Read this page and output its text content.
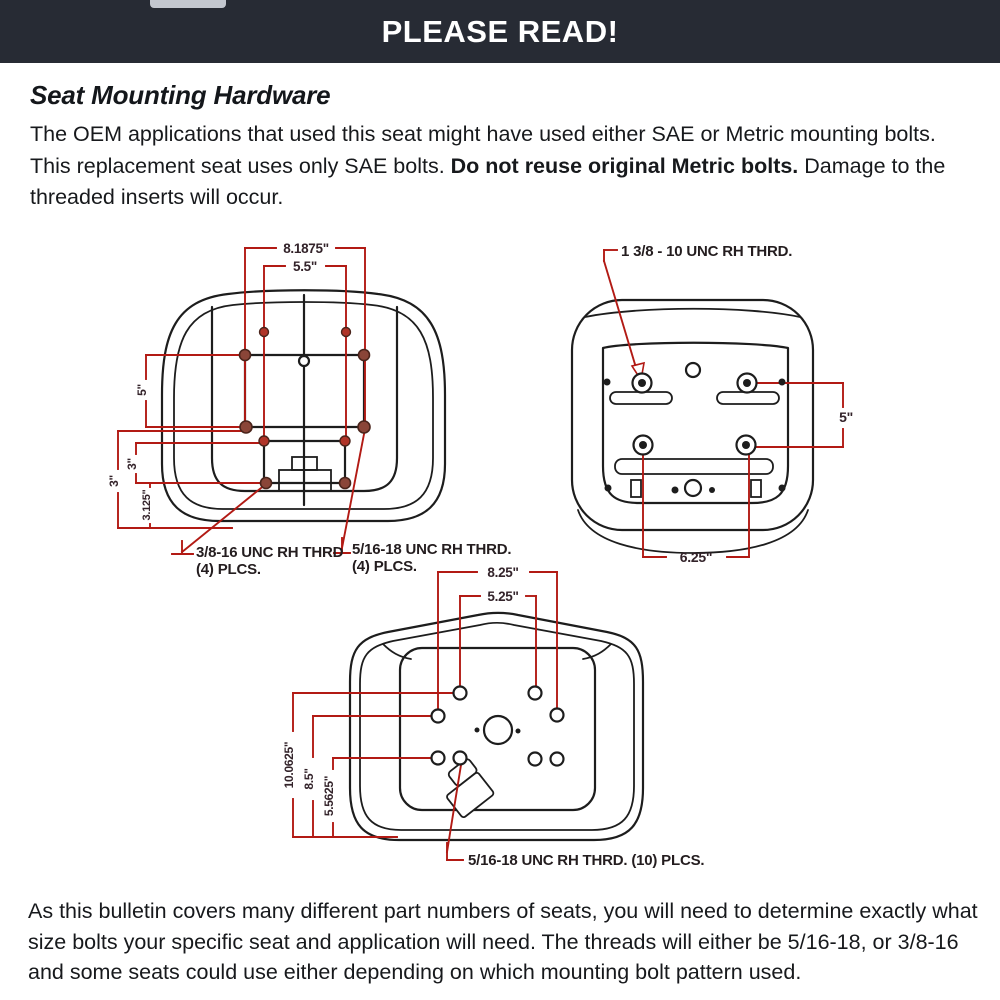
PLEASE READ!
Seat Mounting Hardware

The OEM applications that used this seat might have used either SAE or Metric mounting bolts. This replacement seat uses only SAE bolts. Do not reuse original Metric bolts. Damage to the threaded inserts will occur.

8.1875"
5.5"
5"
3"
3"
3.125"
3/8-16 UNC RH THRD
(4) PLCS.
5/16-18 UNC RH THRD.
(4) PLCS.
1 3/8 - 10 UNC RH THRD.
5"
6.25"
8.25"
5.25"
10.0625" 8.5" 5.5625"
5/16-18 UNC RH THRD. (10) PLCS.

As this bulletin covers many different part numbers of seats, you will need to determine exactly what size bolts your specific seat and application will need. The threads will either be 5/16-18, or 3/8-16 and some seats could use either depending on which mounting bolt pattern used.
